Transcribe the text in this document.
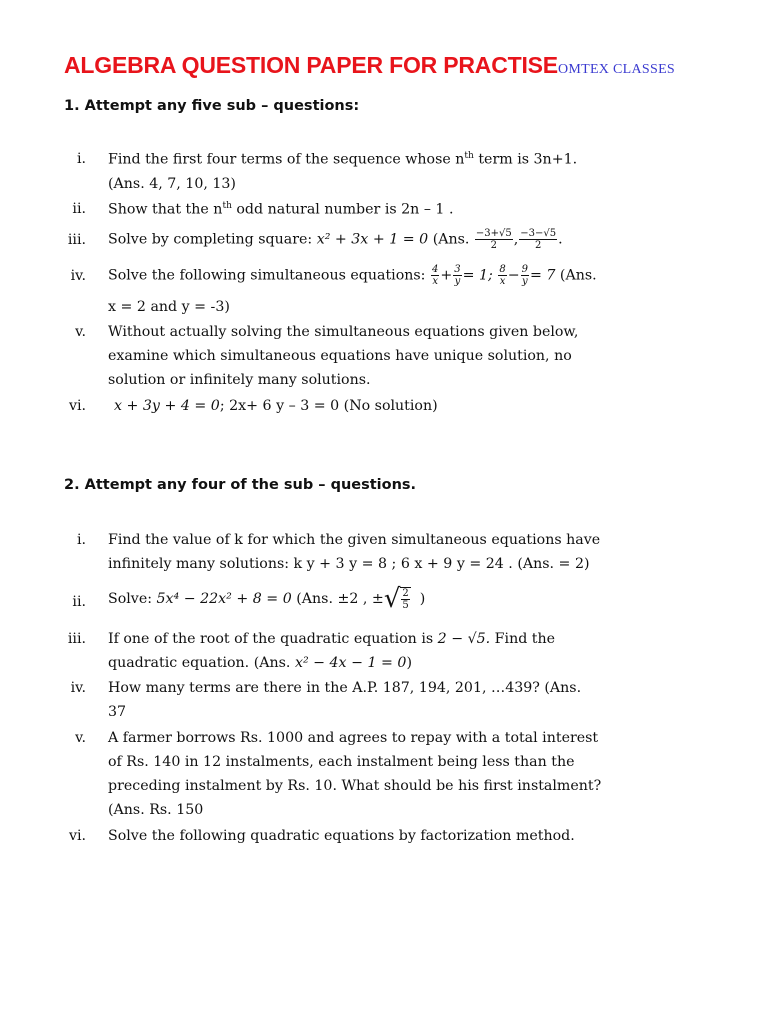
ALGEBRA QUESTION PAPER FOR PRACTISEOMTEX CLASSES
1. Attempt any five sub – questions:
i. Find the first four terms of the sequence whose $n^{th}$ term is 3n+1.
(Ans. 4, 7, 10, 13)
ii. Show that the $n^{th}$ odd natural number is 2n – 1 .
iii. Solve by completing square: x² + 3x + 1 = 0 (Ans. $\frac{-3+√5}{2}$ , $\frac{-3-√5}{2}$ .
iv. Solve the following simultaneous equations: $\frac{4}{x} + \frac{3}{y} = 1$; $\frac{8}{x} - \frac{9}{y} = 7$ (Ans.
x = 2 and y = -3)
v. Without actually solving the simultaneous equations given below,
examine which simultaneous equations have unique solution, no
solution or infinitely many solutions.
vi. x + 3y + 4 = 0; 2x+ 6 y – 3 = 0 (No solution)
2. Attempt any four of the sub – questions.
i. Find the value of k for which the given simultaneous equations have
infinitely many solutions: k y + 3 y = 8 ; 6 x + 9 y = 24 . (Ans. = 2)
ii. Solve: 5x⁴ − 22x² + 8 = 0 (Ans. ±2 , ±√ $\frac{2}{5}$ )
iii. If one of the root of the quadratic equation is 2 − √5. Find the
quadratic equation. (Ans. x² − 4x − 1 = 0)
iv. How many terms are there in the A.P. 187, 194, 201, …439? (Ans.
37
v. A farmer borrows Rs. 1000 and agrees to repay with a total interest
of Rs. 140 in 12 instalments, each instalment being less than the
preceding instalment by Rs. 10. What should be his first instalment?
(Ans. Rs. 150
vi. Solve the following quadratic equations by factorization method.
